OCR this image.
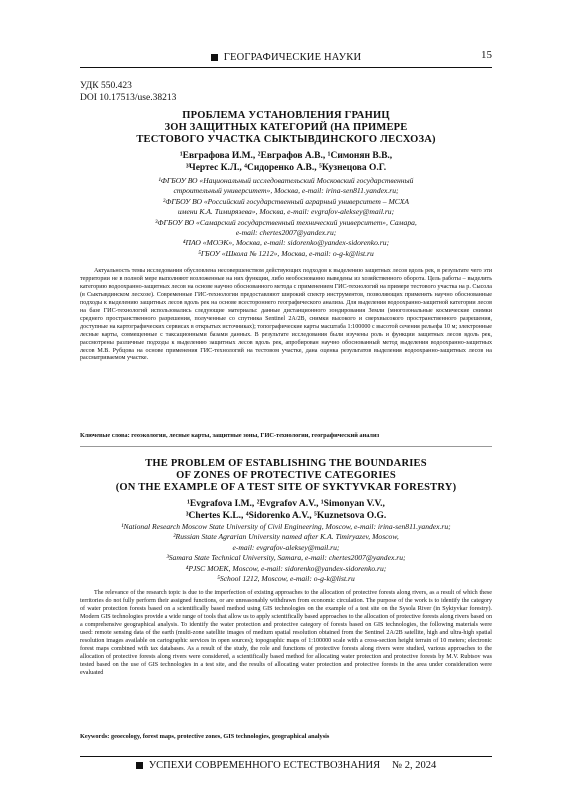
ГЕОГРАФИЧЕСКИЕ НАУКИ	15
УДК 550.423
DOI 10.17513/use.38213
ПРОБЛЕМА УСТАНОВЛЕНИЯ ГРАНИЦ
ЗОН ЗАЩИТНЫХ КАТЕГОРИЙ (НА ПРИМЕРЕ
ТЕСТОВОГО УЧАСТКА СЫКТЫВДИНСКОГО ЛЕСХОЗА)
¹Евграфова И.М., ²Евграфов А.В., ¹Симонян В.В.,
³Чертес К.Л., ⁴Сидоренко А.В., ⁵Кузнецова О.Г.
¹ФГБОУ ВО «Национальный исследовательский Московский государственный
строительный университет», Москва, e-mail: irina-sen811.yandex.ru;
²ФГБОУ ВО «Российский государственный аграрный университет – МСХА
имени К.А. Тимирязева», Москва, e-mail: evgrafov-aleksey@mail.ru;
³ФГБОУ ВО «Самарский государственный технический университет», Самара,
e-mail: chertes2007@yandex.ru;
⁴ПАО «МОЭК», Москва, e-mail: sidorenko@yandex-sidorenko.ru;
⁵ГБОУ «Школа № 1212», Москва, e-mail: o-g-k@list.ru

Актуальность темы исследования обусловлена несовершенством действующих подходов к выделению защитных лесов вдоль рек, в результате чего эти территории не в полной мере выполняют возложенные на них функции, либо необоснованно выведены из хозяйственного оборота. Цель работы – выделить категорию водоохранно-защитных лесов на основе научно обоснованного метода с применением ГИС-технологий на примере тестового участка на р. Сысола (в Сыктывдинском лесхозе). Современные ГИС-технологии предоставляют широкий спектр инструментов, позволяющих применять научно обоснованные подходы к выделению защитных лесов вдоль рек на основе всестороннего географического анализа. Для выделения водоохранно-защитной категории лесов на базе ГИС-технологий использовались следующие материалы: данные дистанционного зондирования Земли (многозональные космические снимки среднего пространственного разрешения, полученные со спутника Sentinel 2A/2B, снимки высокого и сверхвысокого пространственного разрешения, доступные на картографических сервисах в открытых источниках); топографические карты масштаба 1:100000 с высотой сечения рельефа 10 м; электронные лесные карты, совмещенные с таксационными базами данных. В результате исследования были изучены роль и функции защитных лесов вдоль рек, рассмотрены различные подходы к выделению защитных лесов вдоль рек, апробирован научно обоснованный метод выделения водоохранно-защитных лесов М.В. Рубцова на основе применения ГИС-технологий на тестовом участке, дана оценка результатов выделения водоохранно-защитных лесов на рассматриваемом участке.

Ключевые слова: геоэкология, лесные карты, защитные зоны, ГИС-технологии, географический анализ
THE PROBLEM OF ESTABLISHING THE BOUNDARIES
OF ZONES OF PROTECTIVE CATEGORIES
(ON THE EXAMPLE OF A TEST SITE OF SYKTYVKAR FORESTRY)
¹Evgrafova I.M., ²Evgrafov A.V., ¹Simonyan V.V.,
³Chertes K.L., ⁴Sidorenko A.V., ⁵Kuznetsova O.G.
¹National Research Moscow State University of Civil Engineering, Moscow, e-mail: irina-sen811.yandex.ru;
²Russian State Agrarian University named after K.A. Timiryazev, Moscow,
e-mail: evgrafov-aleksey@mail.ru;
³Samara State Technical University, Samara, e-mail: chertes2007@yandex.ru;
⁴PJSC MOEK, Moscow, e-mail: sidorenko@yandex-sidorenko.ru;
⁵School 1212, Moscow, e-mail: o-g-k@list.ru

The relevance of the research topic is due to the imperfection of existing approaches to the allocation of protective forests along rivers, as a result of which these territories do not fully perform their assigned functions, or are unreasonably withdrawn from economic circulation. The purpose of the work is to identify the category of water protection forests based on a scientifically based method using GIS technologies on the example of a test site on the Sysola River (in Syktyvkar forestry). Modern GIS technologies provide a wide range of tools that allow us to apply scientifically based approaches to the allocation of protective forests along rivers based on a comprehensive geographical analysis. To identify the water protection and protective category of forests based on GIS technologies, the following materials were used: remote sensing data of the earth (multi-zone satellite images of medium spatial resolution obtained from the Sentinel 2A/2B satellite, high and ultra-high spatial resolution images available on cartographic services in open sources); topographic maps of 1:100000 scale with a cross-section height terrain of 10 meters; electronic forest maps combined with tax databases. As a result of the study, the role and functions of protective forests along rivers were studied, various approaches to the allocation of protective forests along rivers were considered, a scientifically based method for allocating water protection and protective forests by M.V. Rubtsov was tested based on the use of GIS technologies in a test site, and the results of allocating water protection and protective forests in the area under consideration were evaluated

Keywords: geoecology, forest maps, protective zones, GIS technologies, geographical analysis
УСПЕХИ СОВРЕМЕННОГО ЕСТЕСТВОЗНАНИЯ № 2, 2024
